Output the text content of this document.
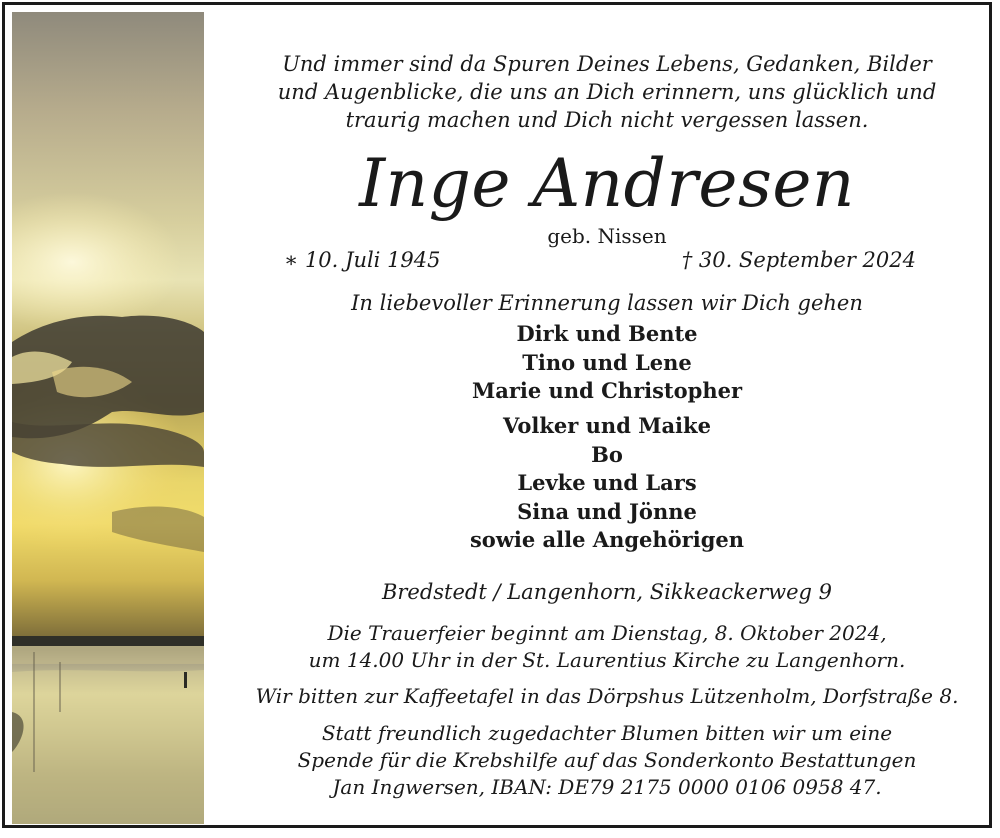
Und immer sind da Spuren Deines Lebens, Gedanken, Bilder
und Augenblicke, die uns an Dich erinnern, uns glücklich und
traurig machen und Dich nicht vergessen lassen.
Inge Andresen
geb. Nissen
∗ 10. Juli 1945	† 30. September 2024
In liebevoller Erinnerung lassen wir Dich gehen
Dirk und Bente
Tino und Lene
Marie und Christopher
Volker und Maike
Bo
Levke und Lars
Sina und Jönne
sowie alle Angehörigen
Bredstedt / Langenhorn, Sikkeackerweg 9
Die Trauerfeier beginnt am Dienstag, 8. Oktober 2024,
um 14.00 Uhr in der St. Laurentius Kirche zu Langenhorn.
Wir bitten zur Kaffeetafel in das Dörpshus Lützenholm, Dorfstraße 8.
Statt freundlich zugedachter Blumen bitten wir um eine
Spende für die Krebshilfe auf das Sonderkonto Bestattungen
Jan Ingwersen, IBAN: DE79 2175 0000 0106 0958 47.
